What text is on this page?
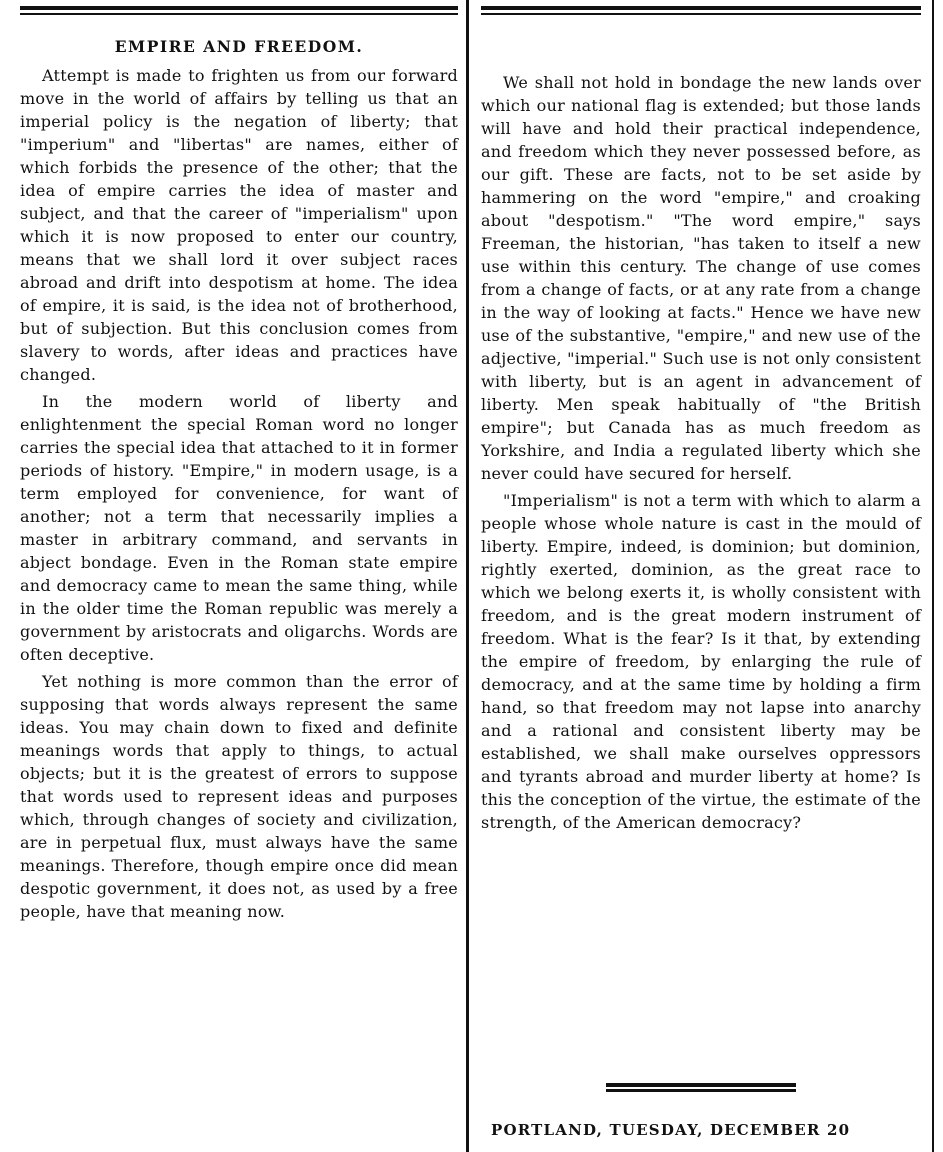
EMPIRE AND FREEDOM.

Attempt is made to frighten us from our forward move in the world of affairs by telling us that an imperial policy is the negation of liberty; that "imperium" and "libertas" are names, either of which forbids the presence of the other; that the idea of empire carries the idea of master and subject, and that the career of "imperialism" upon which it is now proposed to enter our country, means that we shall lord it over subject races abroad and drift into despotism at home. The idea of empire, it is said, is the idea not of brotherhood, but of subjection. But this conclusion comes from slavery to words, after ideas and practices have changed.

In the modern world of liberty and enlightenment the special Roman word no longer carries the special idea that attached to it in former periods of history. "Empire," in modern usage, is a term employed for convenience, for want of another; not a term that necessarily implies a master in arbitrary command, and servants in abject bondage. Even in the Roman state empire and democracy came to mean the same thing, while in the older time the Roman republic was merely a government by aristocrats and oligarchs. Words are often deceptive.

Yet nothing is more common than the error of supposing that words always represent the same ideas. You may chain down to fixed and definite meanings words that apply to things, to actual objects; but it is the greatest of errors to suppose that words used to represent ideas and purposes which, through changes of society and civilization, are in perpetual flux, must always have the same meanings. Therefore, though empire once did mean despotic government, it does not, as used by a free people, have that meaning now.

We shall not hold in bondage the new lands over which our national flag is extended; but those lands will have and hold their practical independence, and freedom which they never possessed before, as our gift. These are facts, not to be set aside by hammering on the word "empire," and croaking about "despotism." "The word empire," says Freeman, the historian, "has taken to itself a new use within this century. The change of use comes from a change of facts, or at any rate from a change in the way of looking at facts." Hence we have new use of the substantive, "empire," and new use of the adjective, "imperial." Such use is not only consistent with liberty, but is an agent in advancement of liberty. Men speak habitually of "the British empire"; but Canada has as much freedom as Yorkshire, and India a regulated liberty which she never could have secured for herself.

"Imperialism" is not a term with which to alarm a people whose whole nature is cast in the mould of liberty. Empire, indeed, is dominion; but dominion, rightly exerted, dominion, as the great race to which we belong exerts it, is wholly consistent with freedom, and is the great modern instrument of freedom. What is the fear? Is it that, by extending the empire of freedom, by enlarging the rule of democracy, and at the same time by holding a firm hand, so that freedom may not lapse into anarchy and a rational and consistent liberty may be established, we shall make ourselves oppressors and tyrants abroad and murder liberty at home? Is this the conception of the virtue, the estimate of the strength, of the American democracy?

PORTLAND, TUESDAY, DECEMBER 20
